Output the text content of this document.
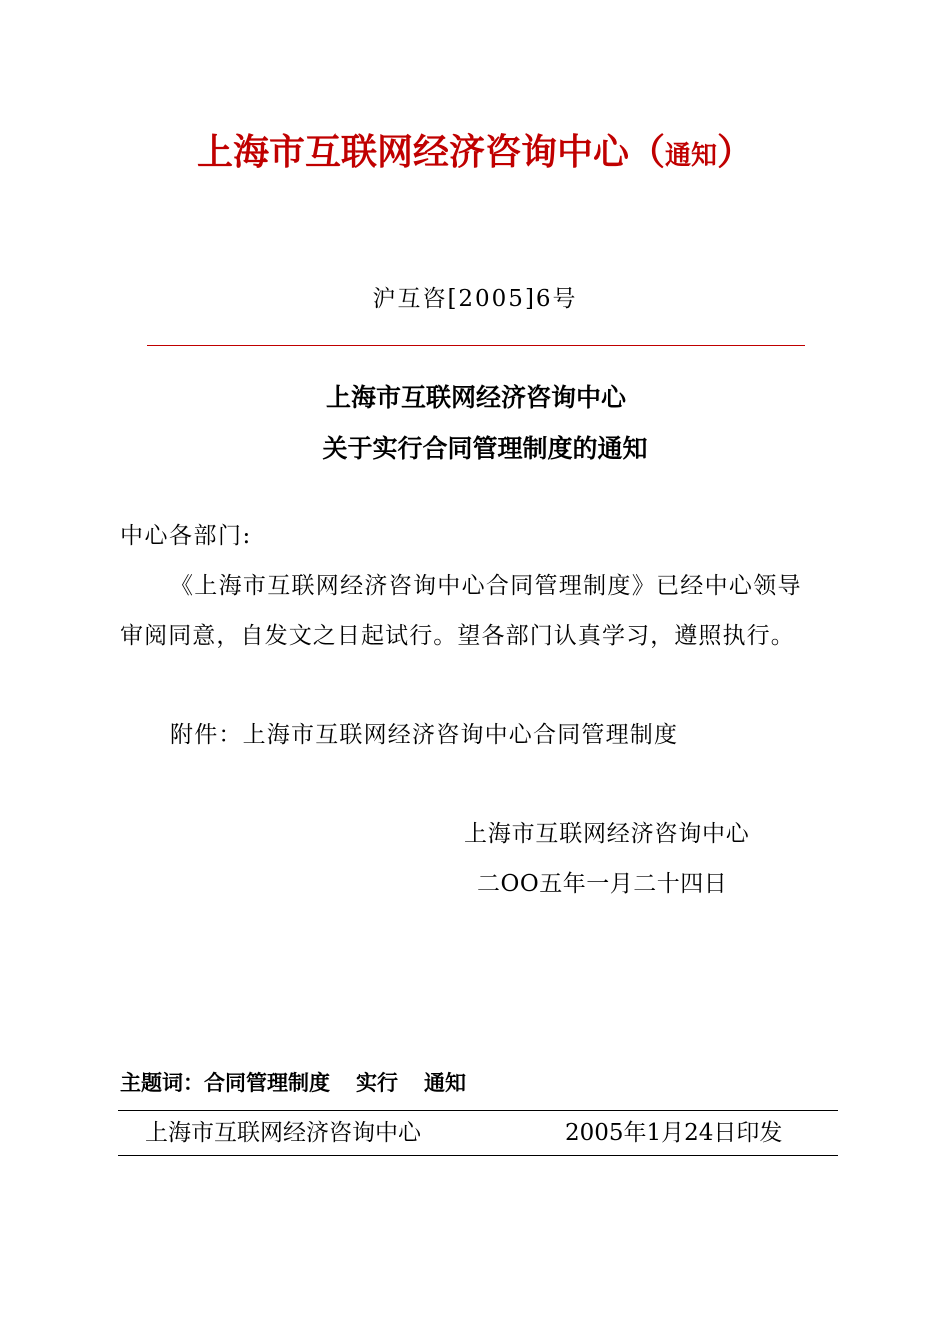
上海市互联网经济咨询中心（通知）
沪互咨[2005]6号
上海市互联网经济咨询中心
关于实行合同管理制度的通知
中心各部门:
《上海市互联网经济咨询中心合同管理制度》已经中心领导
审阅同意，自发文之日起试行。望各部门认真学习，遵照执行。
附件：上海市互联网经济咨询中心合同管理制度
上海市互联网经济咨询中心
二OO五年一月二十四日
主题词：合同管理制度 实行 通知
上海市互联网经济咨询中心	2005年1月24日印发
